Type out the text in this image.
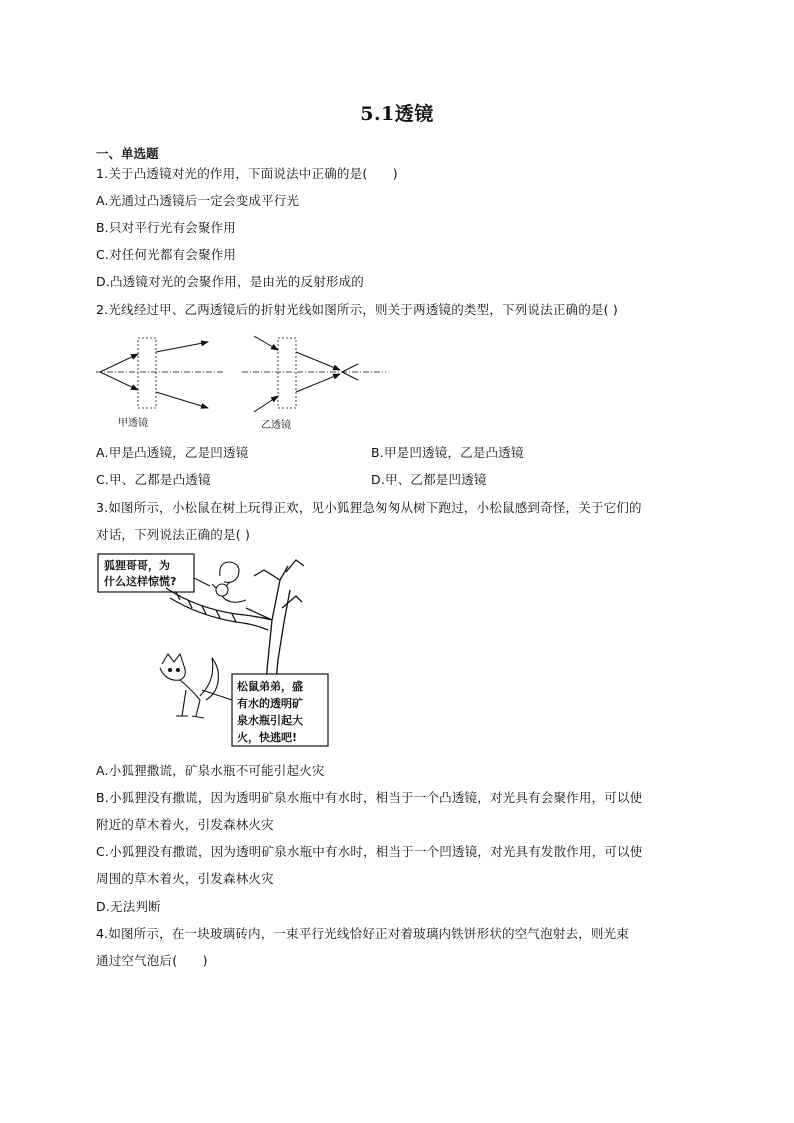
5.1透镜
一、单选题
1.关于凸透镜对光的作用，下面说法中正确的是(　　)
A.光通过凸透镜后一定会变成平行光
B.只对平行光有会聚作用
C.对任何光都有会聚作用
D.凸透镜对光的会聚作用，是由光的反射形成的
2.光线经过甲、乙两透镜后的折射光线如图所示，则关于两透镜的类型，下列说法正确的是( )
甲透镜	乙透镜
A.甲是凸透镜，乙是凹透镜	B.甲是凹透镜，乙是凸透镜
C.甲、乙都是凸透镜	D.甲、乙都是凹透镜
3.如图所示，小松鼠在树上玩得正欢，见小狐狸急匆匆从树下跑过，小松鼠感到奇怪，关于它们的
对话，下列说法正确的是( )
狐狸哥哥，为
什么这样惊慌?
松鼠弟弟，盛
有水的透明矿
泉水瓶引起大
火，快逃吧!
A.小狐狸撒谎，矿泉水瓶不可能引起火灾
B.小狐狸没有撒谎，因为透明矿泉水瓶中有水时，相当于一个凸透镜，对光具有会聚作用，可以使
附近的草木着火，引发森林火灾
C.小狐狸没有撒谎，因为透明矿泉水瓶中有水时，相当于一个凹透镜，对光具有发散作用，可以使
周围的草木着火，引发森林火灾
D.无法判断
4.如图所示，在一块玻璃砖内，一束平行光线恰好正对着玻璃内铁饼形状的空气泡射去，则光束
通过空气泡后(　　)
